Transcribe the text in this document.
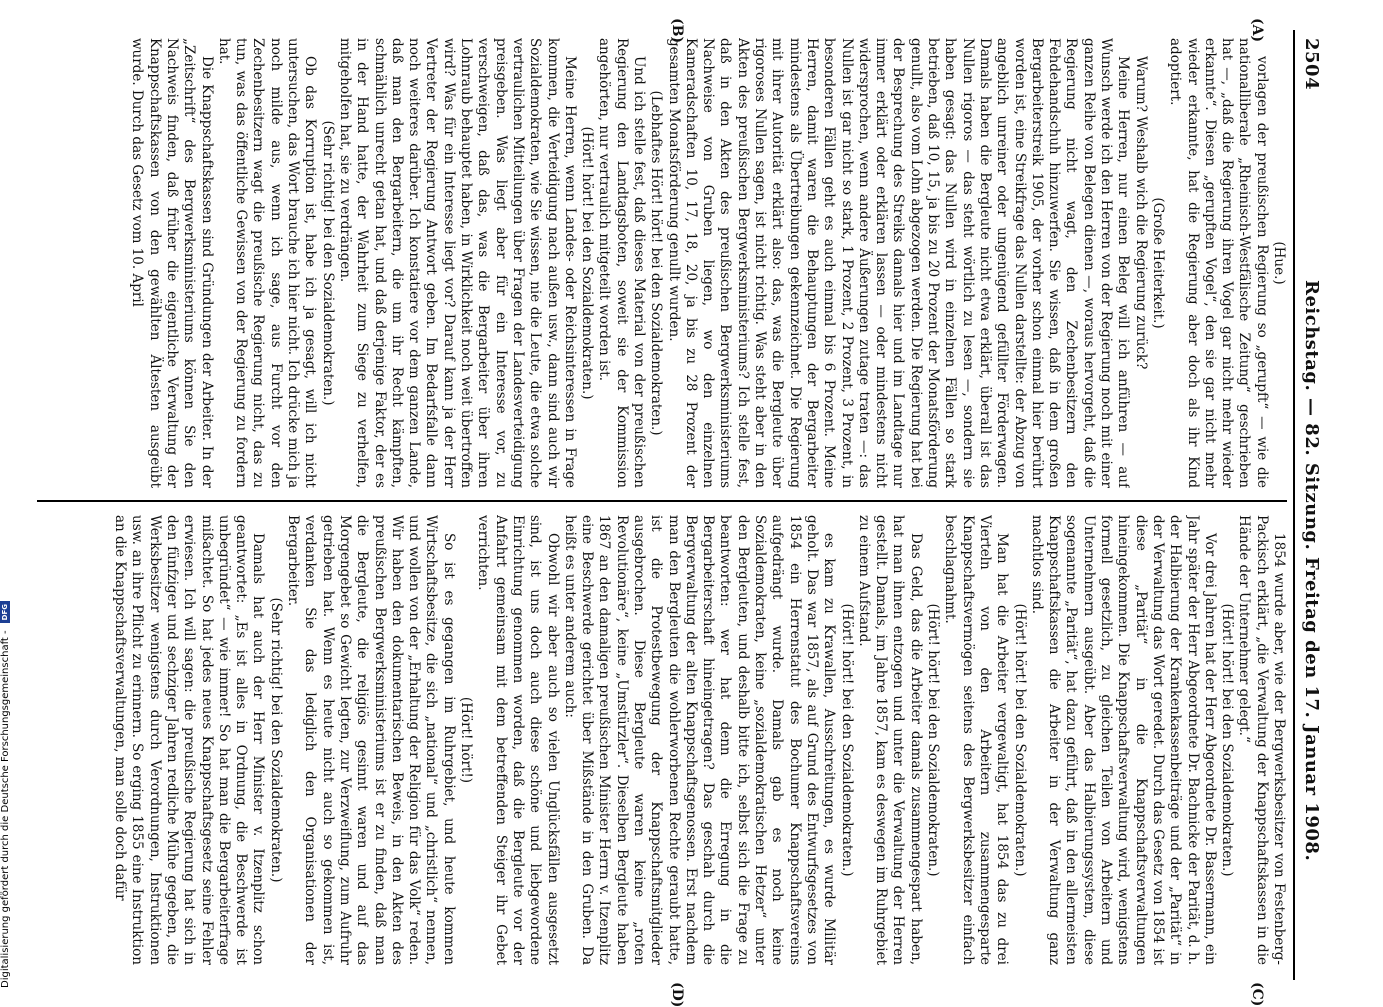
2504
Reichstag. — 82. Sitzung. Freitag den 17. Januar 1908.
(A)
(B)
(C)
(D)

(Hue.)

vorlagen der preußischen Regierung so „gerupft“ — wie die nationalliberale „Rheinisch-Westfälische Zeitung“ geschrieben hat —, „daß die Regierung ihren Vogel gar nicht mehr wieder erkannte“. Diesen „gerupften Vogel“, den sie gar nicht mehr wieder erkannte, hat die Regierung aber doch als ihr Kind adoptiert.

(Große Heiterkeit.)

Warum? Weshalb wich die Regierung zurück?

Meine Herren, nur einen Beleg will ich anführen — auf Wunsch werde ich den Herren von der Regierung noch mit einer ganzen Reihe von Belegen dienen —, woraus hervorgeht, daß die Regierung nicht wagt, den Zechenbesitzern den Fehdehandschuh hinzuwerfen. Sie wissen, daß in dem großen Bergarbeiterstreik 1905, der vorher schon einmal hier berührt worden ist, eine Streikfrage das Nullen darstellte: der Abzug von angeblich unreiner oder ungenügend gefüllter Förderwagen. Damals haben die Bergleute nicht etwa erklärt, überall ist das Nullen rigoros — das steht wörtlich zu lesen —, sondern sie haben gesagt: das Nullen wird in einzelnen Fällen so stark betrieben, daß 10, 15, ja bis zu 20 Prozent der Monatsförderung genullt, also vom Lohn abgezogen werden. Die Regierung hat bei der Besprechung des Streiks damals hier und im Landtage nur immer erklärt oder erklären lassen — oder mindestens nicht widersprochen, wenn andere Äußerungen zutage traten —: das Nullen ist gar nicht so stark, 1 Prozent, 2 Prozent, 3 Prozent, in besonderen Fällen geht es auch einmal bis 6 Prozent. Meine Herren, damit waren die Behauptungen der Bergarbeiter mindestens als Übertreibungen gekennzeichnet. Die Regierung mit ihrer Autorität erklärt also: das, was die Bergleute über rigoroses Nullen sagen, ist nicht richtig. Was steht aber in den Akten des preußischen Bergwerksministeriums? Ich stelle fest, daß in den Akten des preußischen Bergwerksministeriums Nachweise von Gruben liegen, wo den einzelnen Kameradschaften 10, 17, 18, 20, ja bis zu 28 Prozent der gesamten Monatsförderung genullt wurden.

(Lebhaftes Hört! hört! bei den Sozialdemokraten.)

Und ich stelle fest, daß dieses Material von der preußischen Regierung den Landtagsboten, soweit sie der Kommission angehörten, nur vertraulich mitgeteilt worden ist.

(Hört! hört! bei den Sozialdemokraten.)

Meine Herren, wenn Landes- oder Reichsinteressen in Frage kommen, die Verteidigung nach außen usw., dann sind auch wir Sozialdemokraten, wie Sie wissen, nie die Leute, die etwa solche vertraulichen Mitteilungen über Fragen der Landesverteidigung preisgeben. Was liegt aber für ein Interesse vor, zu verschweigen, daß das, was die Bergarbeiter über ihren Lohnraub behauptet haben, in Wirklichkeit noch weit übertroffen wird? Was für ein Interesse liegt vor? Darauf kann ja der Herr Vertreter der Regierung Antwort geben. Im Bedarfsfalle dann noch weiteres darüber. Ich konstatiere vor dem ganzen Lande, daß man den Bergarbeitern, die um ihr Recht kämpften, schmählich unrecht getan hat, und daß derjenige Faktor, der es in der Hand hatte, der Wahrheit zum Siege zu verhelfen, mitgeholfen hat, sie zu verdrängen.

(Sehr richtig! bei den Sozialdemokraten.)

Ob das Korruption ist, habe ich ja gesagt, will ich nicht untersuchen, das Wort brauche ich hier nicht. Ich drücke mich ja noch milde aus, wenn ich sage, aus Furcht vor den Zechenbesitzern wagt die preußische Regierung nicht, das zu tun, was das öffentliche Gewissen von der Regierung zu fordern hat.

Die Knappschaftskassen sind Gründungen der Arbeiter. In der „Zeitschrift“ des Bergwerksministeriums können Sie den Nachweis finden, daß früher die eigentliche Verwaltung der Knappschaftskassen von den gewählten Ältesten ausgeübt wurde. Durch das Gesetz vom 10. April

1854 wurde aber, wie der Bergwerksbesitzer von Festenberg-Packisch erklärt, „die Verwaltung der Knappschaftskassen in die Hände der Unternehmer gelegt.“

(Hört! hört! bei den Sozialdemokraten.)

Vor drei Jahren hat der Herr Abgeordnete Dr. Bassermann, ein Jahr später der Herr Abgeordnete Dr. Bachnicke der Parität, d. h. der Halbierung der Krankenkassenbeiträge und der „Parität“ in der Verwaltung das Wort geredet. Durch das Gesetz von 1854 ist diese „Parität“ in die Knappschaftsverwaltungen hineingekommen. Die Knappschaftsverwaltung wird, wenigstens formell gesetzlich, zu gleichen Teilen von Arbeitern und Unternehmern ausgeübt. Aber das Halbierungssystem, diese sogenannte „Parität“, hat dazu geführt, daß in den allermeisten Knappschaftskassen die Arbeiter in der Verwaltung ganz machtlos sind.

(Hört! hört! bei den Sozialdemokraten.)

Man hat die Arbeiter vergewaltigt, hat 1854 das zu drei Vierteln von den Arbeitern zusammengesparte Knappschaftsvermögen seitens des Bergwerksbesitzer einfach beschlagnahmt.

(Hört! hört! bei den Sozialdemokraten.)

Das Geld, das die Arbeiter damals zusammengespart haben, hat man ihnen entzogen und unter die Verwaltung der Herren gestellt. Damals, im Jahre 1857, kam es deswegen im Ruhrgebiet zu einem Aufstand.

(Hört! hört! bei den Sozialdemokraten.)

es kam zu Krawallen, Ausschreitungen, es wurde Militär geholt. Das war 1857, als auf Grund des Entwurfsgesetzes von 1854 ein Herrenstatut des Bochumer Knappschaftsvereins aufgedrängt wurde. Damals gab es noch keine Sozialdemokraten, keine „sozialdemokratischen Hetzer“ unter den Bergleuten, und deshalb bitte ich, selbst sich die Frage zu beantworten: wer hat denn die Erregung in die Bergarbeiterschaft hineingetragen? Das geschah durch die Bergverwaltung der alten Knappschaftsgenossen. Erst nachdem man den Bergleuten die wohlerworbenen Rechte geraubt hatte, ist die Protestbewegung der Knappschaftsmitglieder ausgebrochen. Diese Bergleute waren keine „roten Revolutionäre“, keine „Umstürzler“. Dieselben Bergleute haben 1867 an den damaligen preußischen Minister Herrn v. Itzenplitz eine Beschwerde gerichtet über Mißstände in den Gruben. Da heißt es unter anderem auch:

Obwohl wir aber auch so vielen Unglücksfällen ausgesetzt sind, ist uns doch auch diese schöne und liebgewordene Einrichtung genommen worden, daß die Bergleute vor der Anfahrt gemeinsam mit dem betreffenden Steiger ihr Gebet verrichten.

(Hört! hört!)

So ist es gegangen im Ruhrgebiet, und heute kommen Wirtschaftsbesitze, die sich „national“ und „christlich“ nennen, und wollen von der „Erhaltung der Religion für das Volk“ reden. Wir haben den dokumentarischen Beweis, in den Akten des preußischen Bergwerksministeriums ist er zu finden, daß man die Bergleute, die religiös gesinnt waren und auf das Morgengebet so Gewicht legten, zur Verzweiflung, zum Aufruhr getrieben hat. Wenn es heute nicht auch so gekommen ist, verdanken Sie das lediglich den Organisationen der Bergarbeiter.

(Sehr richtig! bei den Sozialdemokraten.)

Damals hat auch der Herr Minister v. Itzenplitz schon geantwortet: „Es ist alles in Ordnung, die Beschwerde ist unbegründet“ — wie immer! So hat man die Bergarbeiterfrage mißachtet. So hat jedes neues Knappschaftsgesetz seine Fehler erwiesen. Ich will sagen: die preußische Regierung hat sich in den fünfziger und sechziger Jahren redliche Mühe gegeben, die Werksbesitzer wenigstens durch Verordnungen, Instruktionen usw. an ihre Pflicht zu erinnern. So erging 1855 eine Instruktion an die Knappschaftsverwaltungen, man solle doch dafür

Digitalisierung gefördert durch die Deutsche Forschungsgemeinschaft - DFG
